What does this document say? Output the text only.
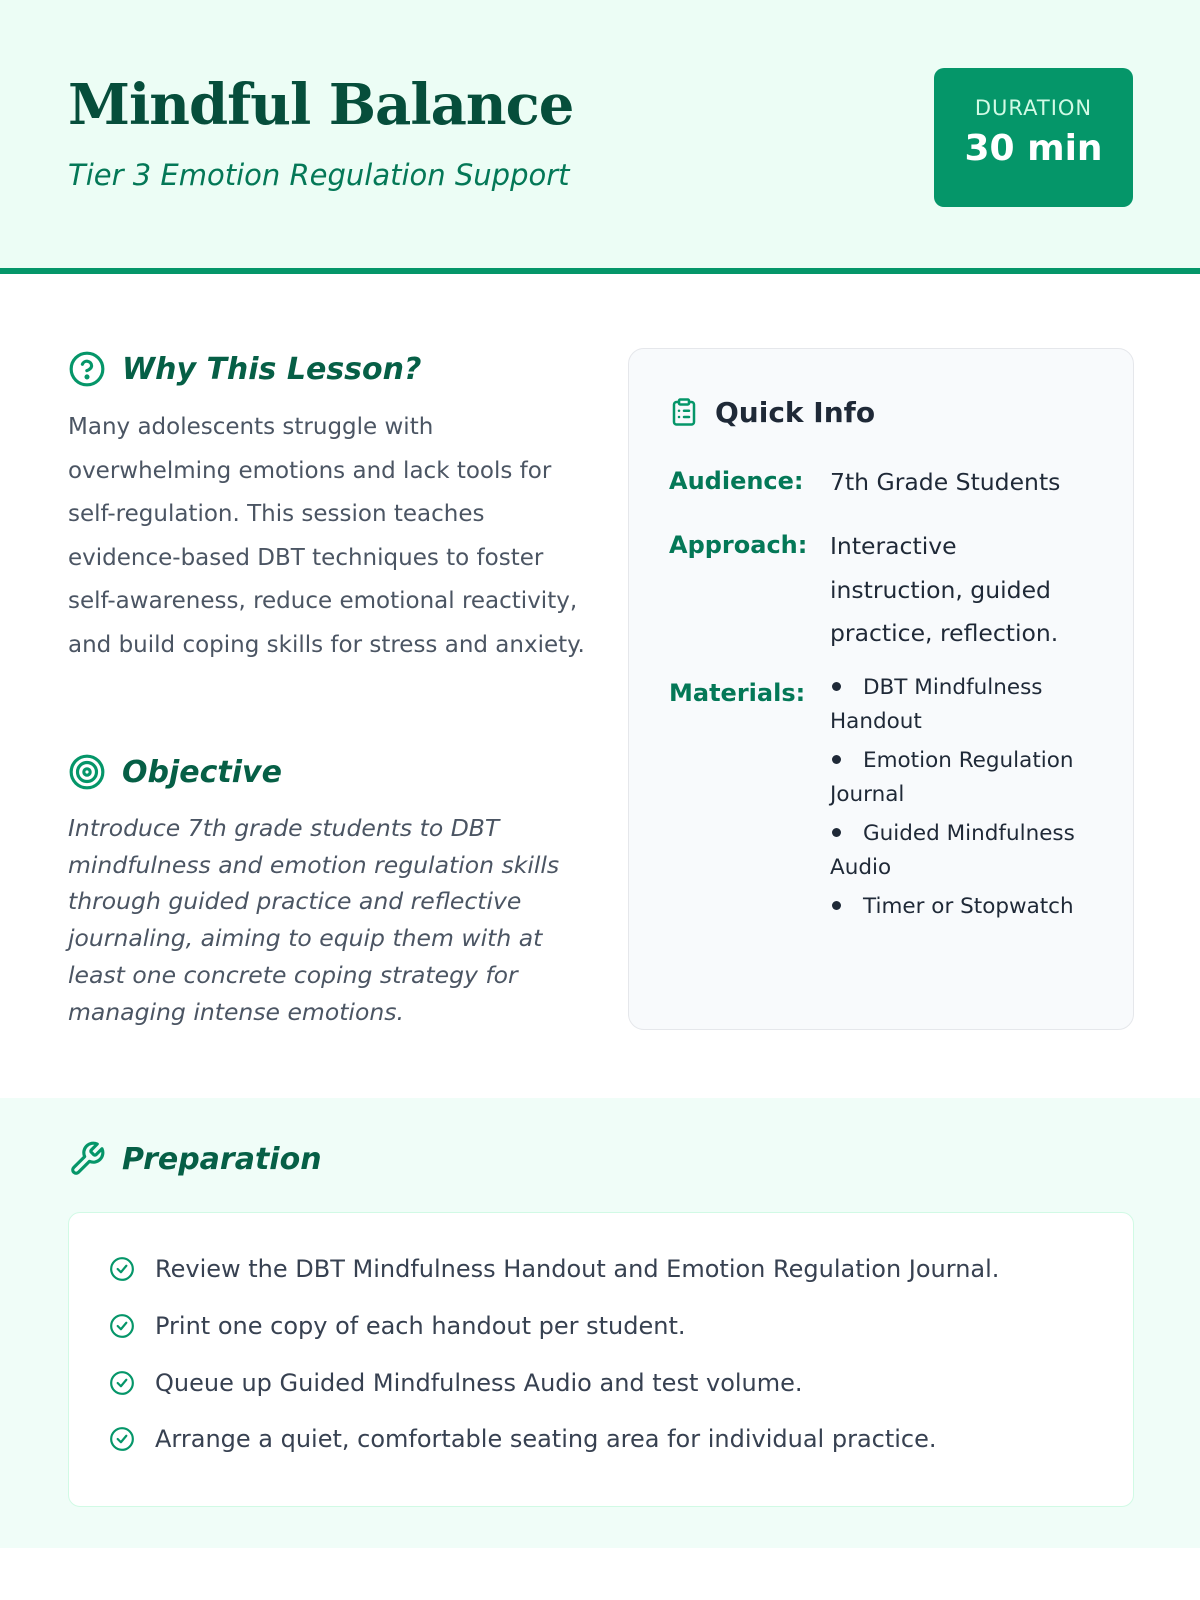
Mindful Balance
Tier 3 Emotion Regulation Support
DURATION
30 min
Why This Lesson?

Many adolescents struggle with overwhelming emotions and lack tools for self-regulation. This session teaches evidence-based DBT techniques to foster self-awareness, reduce emotional reactivity, and build coping skills for stress and anxiety.

Objective

Introduce 7th grade students to DBT mindfulness and emotion regulation skills through guided practice and reflective journaling, aiming to equip them with at least one concrete coping strategy for managing intense emotions.

Quick Info
Audience: 7th Grade Students
Approach: Interactive instruction, guided practice, reflection.
Materials:	DBT Mindfulness Handout
Emotion Regulation Journal
Guided Mindfulness Audio
Timer or Stopwatch
Preparation
Review the DBT Mindfulness Handout and Emotion Regulation Journal.
Print one copy of each handout per student.
Queue up Guided Mindfulness Audio and test volume.
Arrange a quiet, comfortable seating area for individual practice.
